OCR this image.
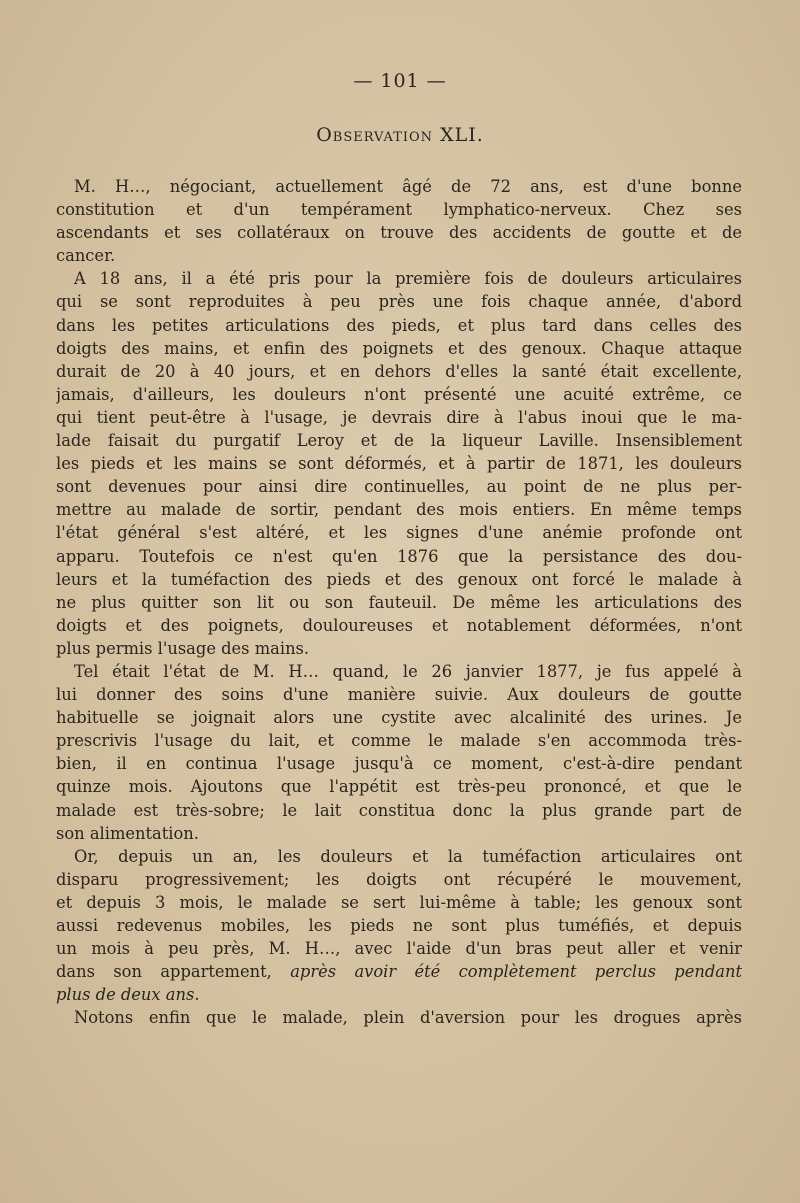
— 101 —
Observation XLI.
M. H…, négociant, actuellement âgé de 72 ans, est d'une bonne
constitution et d'un tempérament lymphatico-nerveux. Chez ses
ascendants et ses collatéraux on trouve des accidents de goutte et de
cancer.
A 18 ans, il a été pris pour la première fois de douleurs articulaires
qui se sont reproduites à peu près une fois chaque année, d'abord
dans les petites articulations des pieds, et plus tard dans celles des
doigts des mains, et enfin des poignets et des genoux. Chaque attaque
durait de 20 à 40 jours, et en dehors d'elles la santé était excellente,
jamais, d'ailleurs, les douleurs n'ont présenté une acuité extrême, ce
qui tient peut-être à l'usage, je devrais dire à l'abus inoui que le ma-
lade faisait du purgatif Leroy et de la liqueur Laville. Insensiblement
les pieds et les mains se sont déformés, et à partir de 1871, les douleurs
sont devenues pour ainsi dire continuelles, au point de ne plus per-
mettre au malade de sortir, pendant des mois entiers. En même temps
l'état général s'est altéré, et les signes d'une anémie profonde ont
apparu. Toutefois ce n'est qu'en 1876 que la persistance des dou-
leurs et la tuméfaction des pieds et des genoux ont forcé le malade à
ne plus quitter son lit ou son fauteuil. De même les articulations des
doigts et des poignets, douloureuses et notablement déformées, n'ont
plus permis l'usage des mains.
Tel était l'état de M. H… quand, le 26 janvier 1877, je fus appelé à
lui donner des soins d'une manière suivie. Aux douleurs de goutte
habituelle se joignait alors une cystite avec alcalinité des urines. Je
prescrivis l'usage du lait, et comme le malade s'en accommoda très-
bien, il en continua l'usage jusqu'à ce moment, c'est-à-dire pendant
quinze mois. Ajoutons que l'appétit est très-peu prononcé, et que le
malade est très-sobre; le lait constitua donc la plus grande part de
son alimentation.
Or, depuis un an, les douleurs et la tuméfaction articulaires ont
disparu progressivement; les doigts ont récupéré le mouvement,
et depuis 3 mois, le malade se sert lui-même à table; les genoux sont
aussi redevenus mobiles, les pieds ne sont plus tuméfiés, et depuis
un mois à peu près, M. H…, avec l'aide d'un bras peut aller et venir
dans son appartement, après avoir été complètement perclus pendant
plus de deux ans.
Notons enfin que le malade, plein d'aversion pour les drogues après
